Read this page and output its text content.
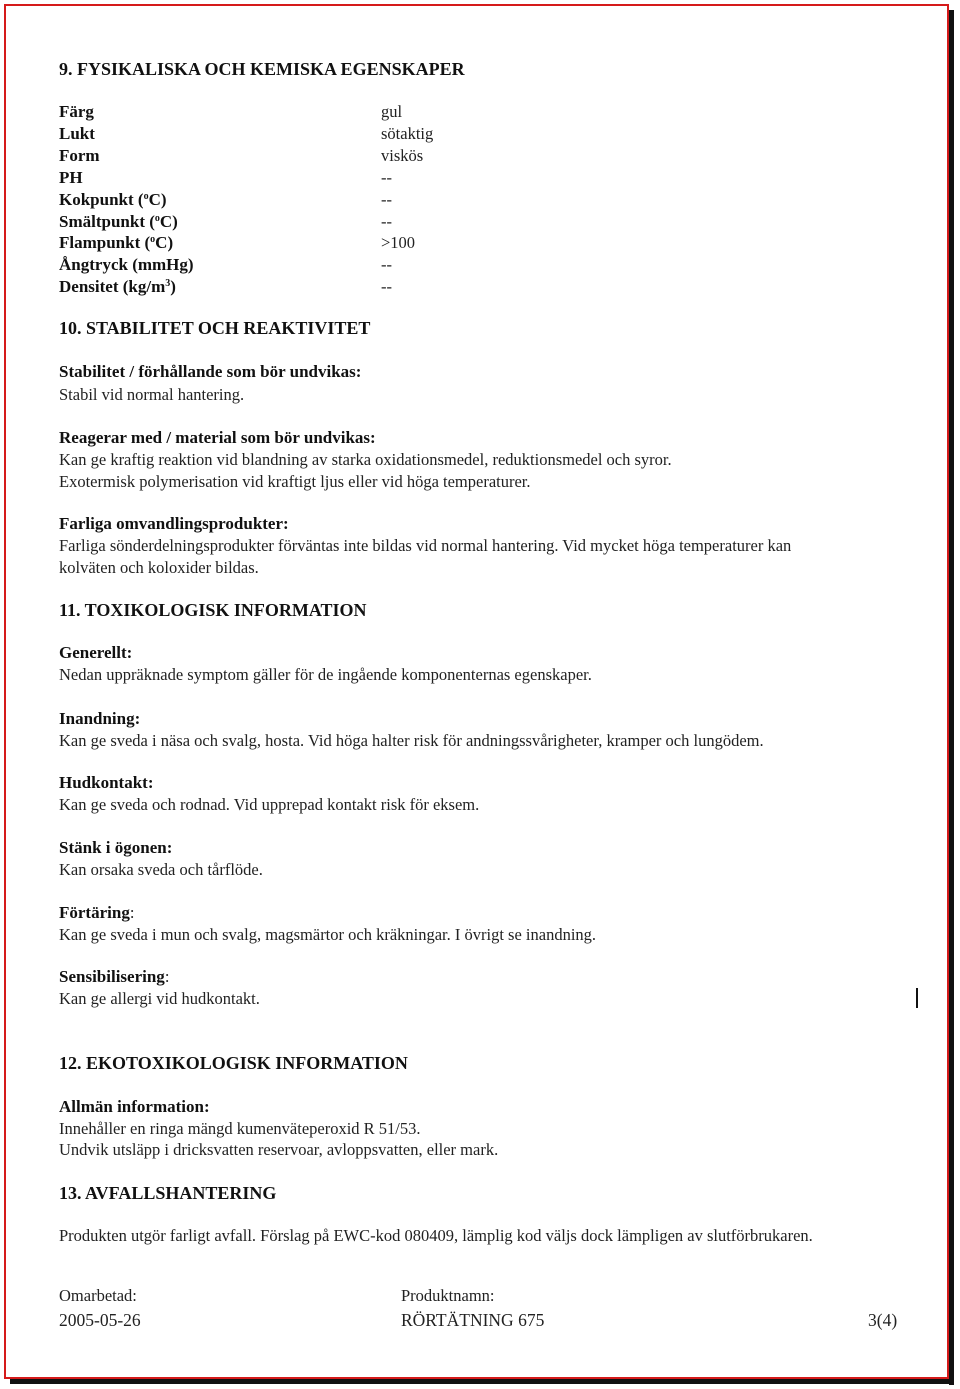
9. FYSIKALISKA OCH KEMISKA EGENSKAPER
Färg	gul
Lukt	sötaktig
Form	viskös
PH	--
Kokpunkt ($^o$C)	--
Smältpunkt ($^o$C)	--
Flampunkt ($^o$C)	>100
Ångtryck (mmHg)	--
Densitet $(kg/m^3)$	--
10. STABILITET OCH REAKTIVITET
Stabilitet / förhållande som bör undvikas:
Stabil vid normal hantering.
Reagerar med / material som bör undvikas:
Kan ge kraftig reaktion vid blandning av starka oxidationsmedel, reduktionsmedel och syror.
Exotermisk polymerisation vid kraftigt ljus eller vid höga temperaturer.
Farliga omvandlingsprodukter:
Farliga sönderdelningsprodukter förväntas inte bildas vid normal hantering. Vid mycket höga temperaturer kan
kolväten och koloxider bildas.
11. TOXIKOLOGISK INFORMATION
Generellt:
Nedan uppräknade symptom gäller för de ingående komponenternas egenskaper.
Inandning:
Kan ge sveda i näsa och svalg, hosta. Vid höga halter risk för andningssvårigheter, kramper och lungödem.
Hudkontakt:
Kan ge sveda och rodnad. Vid upprepad kontakt risk för eksem.
Stänk i ögonen:
Kan orsaka sveda och tårflöde.
Förtäring:
Kan ge sveda i mun och svalg, magsmärtor och kräkningar. I övrigt se inandning.
Sensibilisering:
Kan ge allergi vid hudkontakt.
12. EKOTOXIKOLOGISK INFORMATION
Allmän information:
Innehåller en ringa mängd kumenväteperoxid R 51/53.
Undvik utsläpp i dricksvatten reservoar, avloppsvatten, eller mark.
13. AVFALLSHANTERING
Produkten utgör farligt avfall. Förslag på EWC-kod 080409, lämplig kod väljs dock lämpligen av slutförbrukaren.
Omarbetad:
2005-05-26
Produktnamn:
RÖRTÄTNING 675	3(4)
